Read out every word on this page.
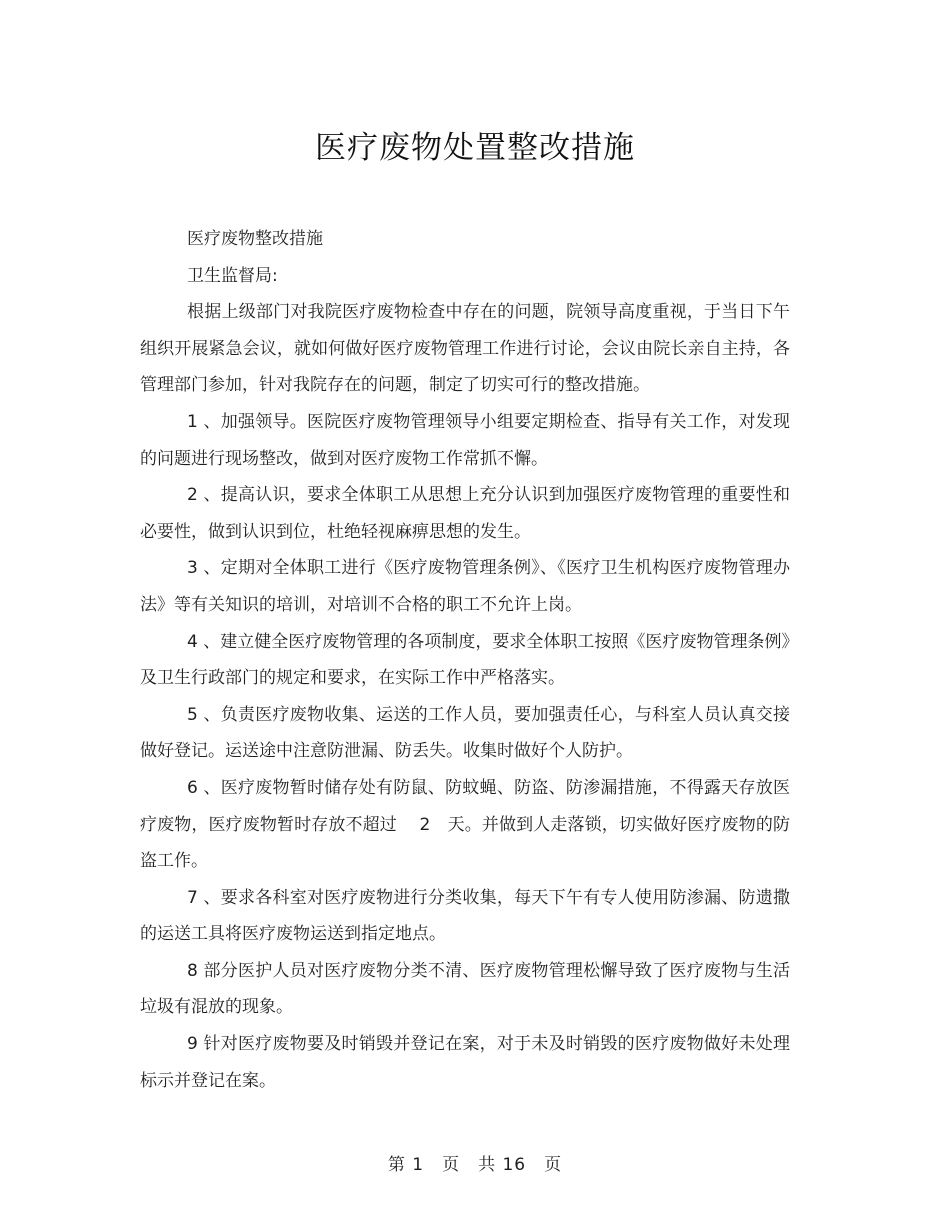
医疗废物处置整改措施

医疗废物整改措施

卫生监督局:

根据上级部门对我院医疗废物检查中存在的问题，院领导高度重视，于当日下午组织开展紧急会议，就如何做好医疗废物管理工作进行讨论，会议由院长亲自主持，各管理部门参加，针对我院存在的问题，制定了切实可行的整改措施。

1 、加强领导。医院医疗废物管理领导小组要定期检查、指导有关工作，对发现的问题进行现场整改，做到对医疗废物工作常抓不懈。

2 、提高认识，要求全体职工从思想上充分认识到加强医疗废物管理的重要性和必要性，做到认识到位，杜绝轻视麻痹思想的发生。

3 、定期对全体职工进行《医疗废物管理条例》、《医疗卫生机构医疗废物管理办法》等有关知识的培训，对培训不合格的职工不允许上岗。

4 、建立健全医疗废物管理的各项制度，要求全体职工按照《医疗废物管理条例》及卫生行政部门的规定和要求，在实际工作中严格落实。

5 、负责医疗废物收集、运送的工作人员，要加强责任心，与科室人员认真交接做好登记。运送途中注意防泄漏、防丢失。收集时做好个人防护。

6 、医疗废物暂时储存处有防鼠、防蚊蝇、防盗、防渗漏措施，不得露天存放医疗废物，医疗废物暂时存放不超过　 2　天。并做到人走落锁，切实做好医疗废物的防盗工作。

7 、要求各科室对医疗废物进行分类收集，每天下午有专人使用防渗漏、防遗撒的运送工具将医疗废物运送到指定地点。

8 部分医护人员对医疗废物分类不清、医疗废物管理松懈导致了医疗废物与生活垃圾有混放的现象。

9 针对医疗废物要及时销毁并登记在案，对于未及时销毁的医疗废物做好未处理标示并登记在案。

第 1　页　共 16　页
